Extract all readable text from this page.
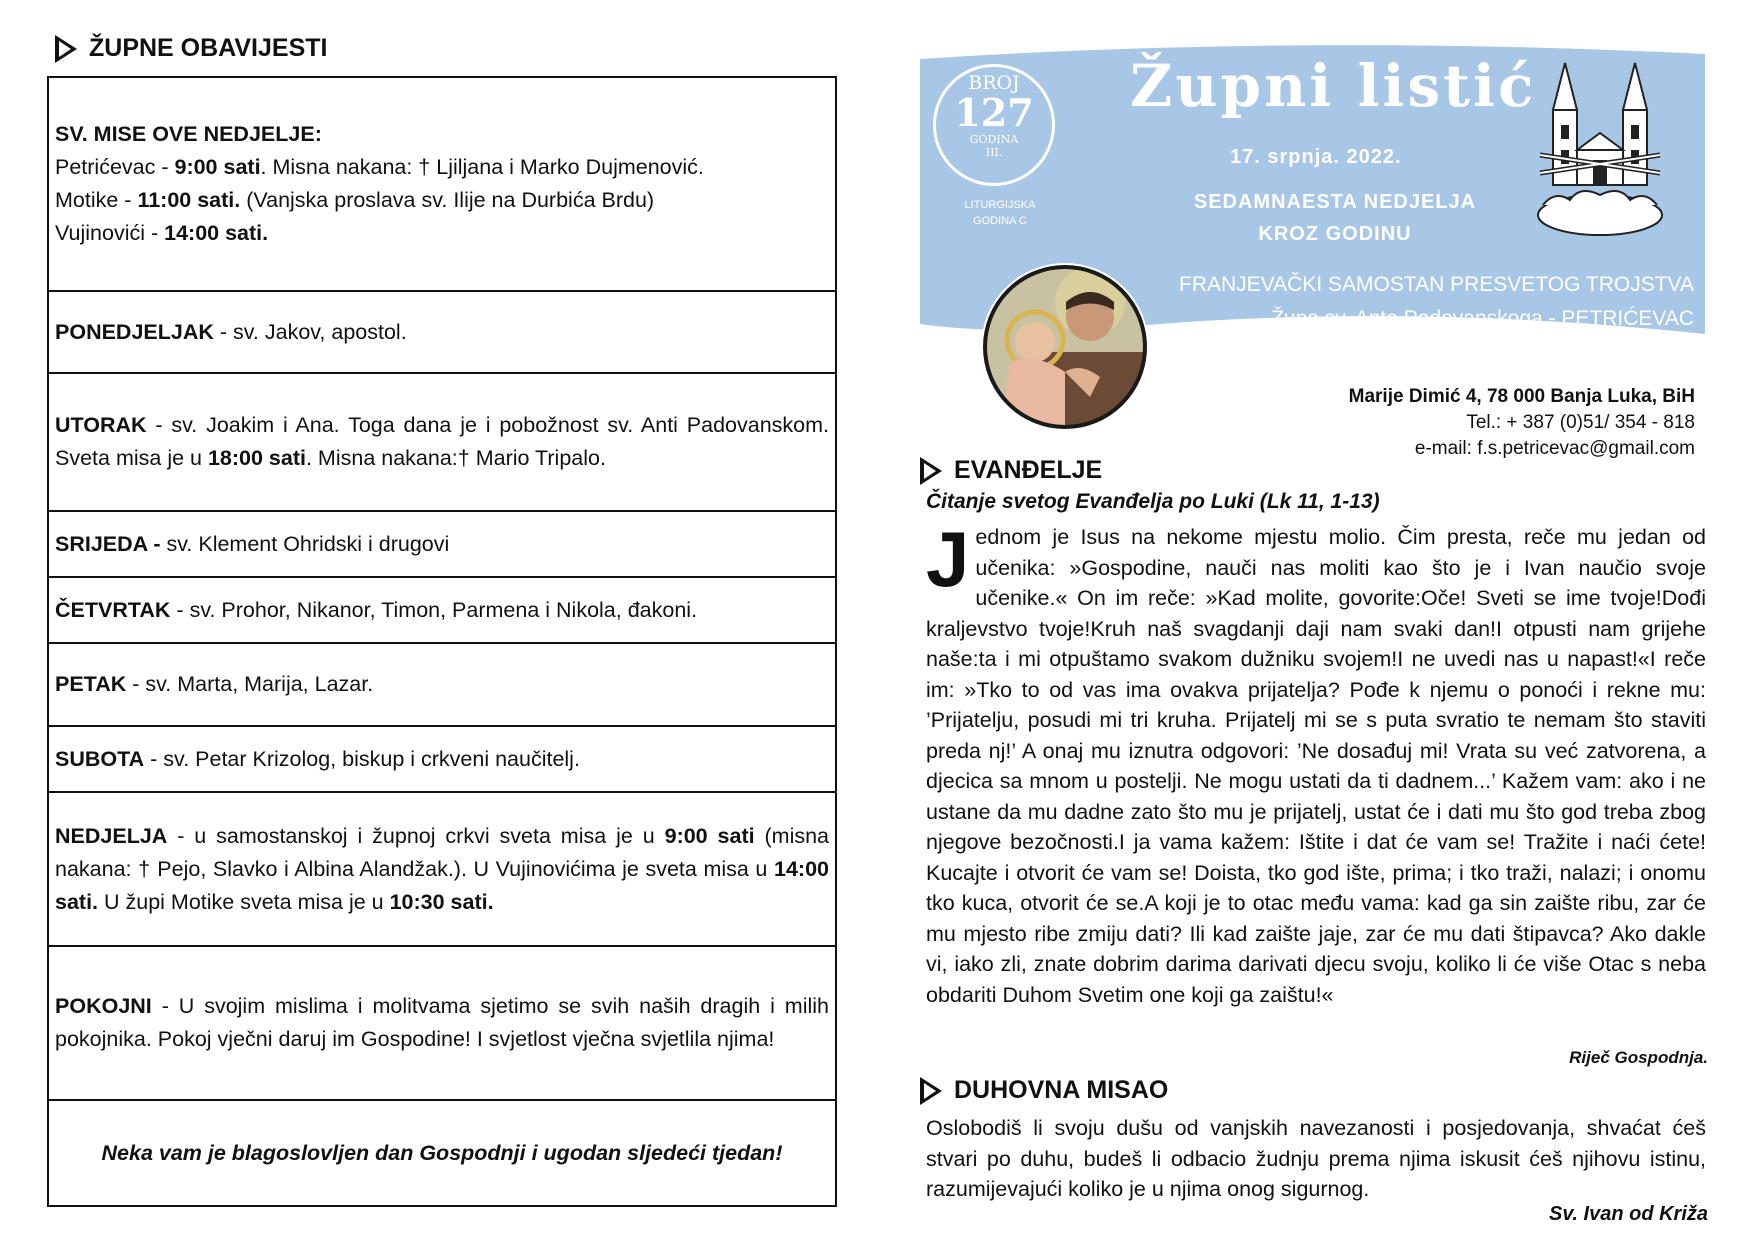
ŽUPNE OBAVIJESTI

SV. MISE OVE NEDJELJE:

Petrićevac - 9:00 sati. Misna nakana: † Ljiljana i Marko Dujmenović.

Motike - 11:00 sati. (Vanjska proslava sv. Ilije na Durbića Brdu)

Vujinovići - 14:00 sati.

PONEDJELJAK - sv. Jakov, apostol.

UTORAK - sv. Joakim i Ana. Toga dana je i pobožnost sv. Anti Padovanskom. Sveta misa je u 18:00 sati. Misna nakana:† Mario Tripalo.

SRIJEDA - sv. Klement Ohridski i drugovi

ČETVRTAK - sv. Prohor, Nikanor, Timon, Parmena i Nikola, đakoni.

PETAK - sv. Marta, Marija, Lazar.

SUBOTA - sv. Petar Krizolog, biskup i crkveni naučitelj.

NEDJELJA - u samostanskoj i župnoj crkvi sveta misa je u 9:00 sati (misna nakana: † Pejo, Slavko i Albina Alandžak.). U Vujinovićima je sveta misa u 14:00 sati. U župi Motike sveta misa je u 10:30 sati.

POKOJNI - U svojim mislima i molitvama sjetimo se svih naših dragih i milih pokojnika. Pokoj vječni daruj im Gospodine! I svjetlost vječna svjetlila njima!

Neka vam je blagoslovljen dan Gospodnji i ugodan sljedeći tjedan!

BROJ
127
GODINA
III.
LITURGIJSKA
GODINA C
Župni listić
17. srpnja. 2022.
SEDAMNAESTA NEDJELJA
KROZ GODINU
FRANJEVAČKI SAMOSTAN PRESVETOG TROJSTVA
Župa sv. Ante Padovanskoga - PETRIĆEVAC
Župa sv. Petra i Pavla - MOTIKE
Marije Dimić 4, 78 000 Banja Luka, BiH
Tel.: + 387 (0)51/ 354 - 818
e-mail: f.s.petricevac@gmail.com
EVANĐELJE
Čitanje svetog Evanđelja po Luki (Lk 11, 1-13)
Jednom je Isus na nekome mjestu molio. Čim presta, reče mu jedan od učenika: »Gospodine, nauči nas moliti kao što je i Ivan naučio svoje učenike.« On im reče: »Kad molite, govorite:Oče! Sveti se ime tvoje!Dođi kraljevstvo tvoje!Kruh naš svagdanji daji nam svaki dan!I otpusti nam grijehe naše:ta i mi otpuštamo svakom dužniku svojem!I ne uvedi nas u napast!«I reče im: »Tko to od vas ima ovakva prijatelja? Pođe k njemu o ponoći i rekne mu: ’Prijatelju, posudi mi tri kruha. Prijatelj mi se s puta svratio te nemam što staviti preda nj!’ A onaj mu iznutra odgovori: ’Ne dosađuj mi! Vrata su već zatvorena, a djecica sa mnom u postelji. Ne mogu ustati da ti dadnem...’ Kažem vam: ako i ne ustane da mu dadne zato što mu je prijatelj, ustat će i dati mu što god treba zbog njegove bezočnosti.I ja vama kažem: Ištite i dat će vam se! Tražite i naći ćete! Kucajte i otvorit će vam se! Doista, tko god ište, prima; i tko traži, nalazi; i onomu tko kuca, otvorit će se.A koji je to otac među vama: kad ga sin zaište ribu, zar će mu mjesto ribe zmiju dati? Ili kad zaište jaje, zar će mu dati štipavca? Ako dakle vi, iako zli, znate dobrim darima darivati djecu svoju, koliko li će više Otac s neba obdariti Duhom Svetim one koji ga zaištu!«
Riječ Gospodnja.
DUHOVNA MISAO
Oslobodiš li svoju dušu od vanjskih navezanosti i posjedovanja, shvaćat ćeš stvari po duhu, budeš li odbacio žudnju prema njima iskusit ćeš njihovu istinu, razumijevajući koliko je u njima onog sigurnog.
Sv. Ivan od Križa
